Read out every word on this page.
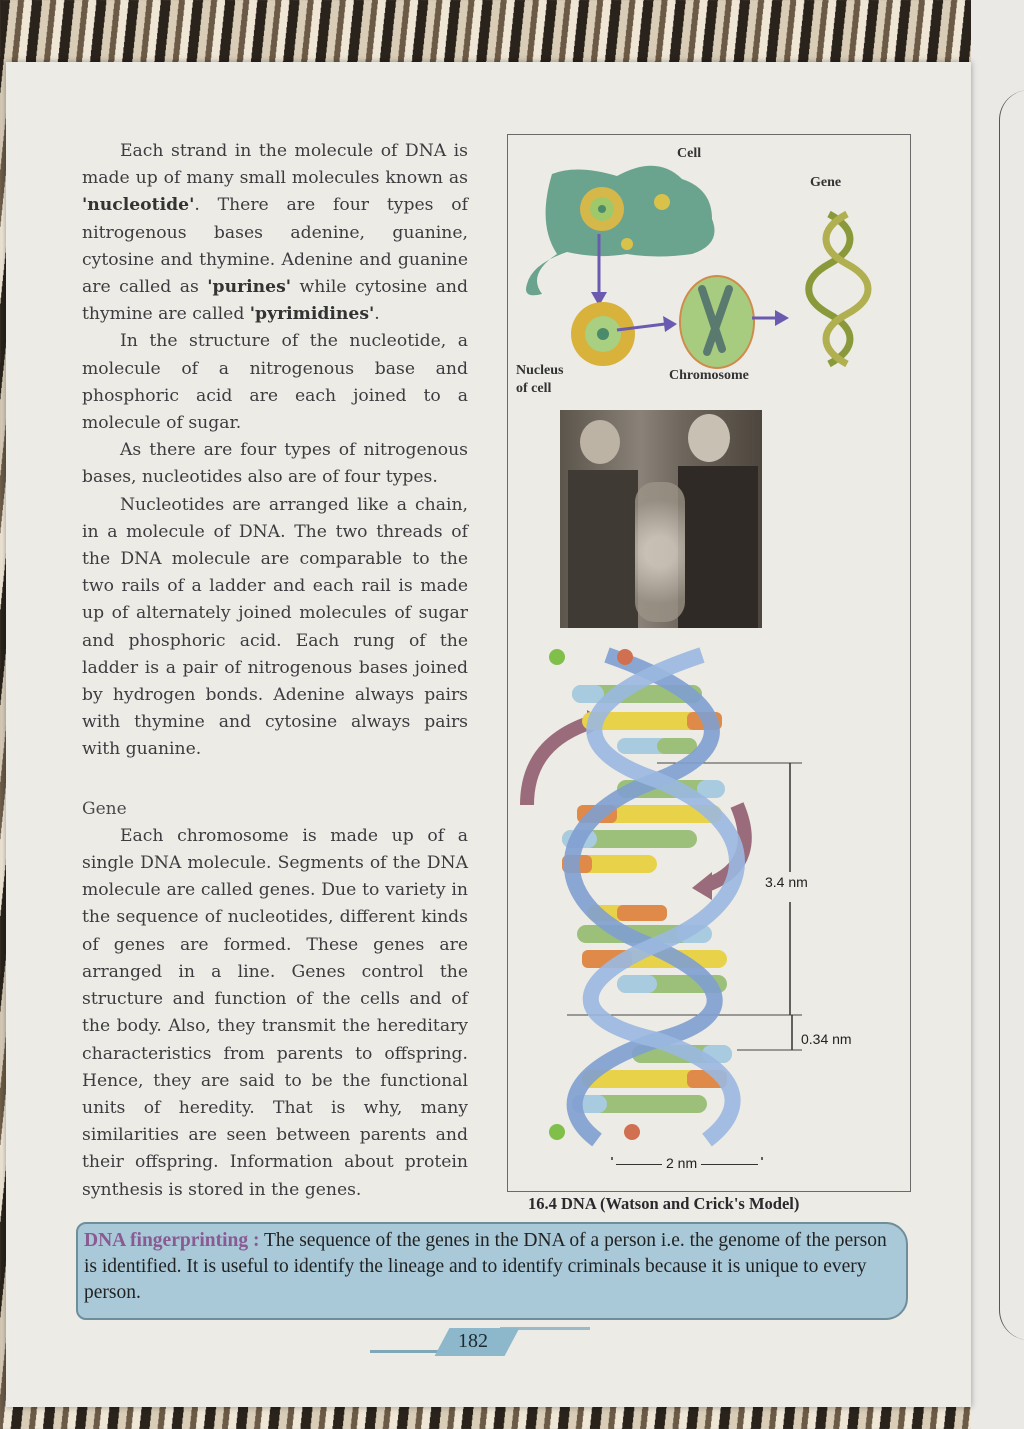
Each strand in the molecule of DNA is made up of many small molecules known as 'nucleotide'. There are four types of nitrogenous bases adenine, guanine, cytosine and thymine. Adenine and guanine are called as 'purines' while cytosine and thymine are called 'pyrimidines'.

In the structure of the nucleotide, a molecule of a nitrogenous base and phosphoric acid are each joined to a molecule of sugar.

As there are four types of nitrogenous bases, nucleotides also are of four types.

Nucleotides are arranged like a chain, in a molecule of DNA. The two threads of the DNA molecule are comparable to the two rails of a ladder and each rail is made up of alternately joined molecules of sugar and phosphoric acid. Each rung of the ladder is a pair of nitrogenous bases joined by hydrogen bonds. Adenine always pairs with thymine and cytosine always pairs with guanine.

Gene

Each chromosome is made up of a single DNA molecule. Segments of the DNA molecule are called genes. Due to variety in the sequence of nucleotides, different kinds of genes are formed. These genes are arranged in a line. Genes control the structure and function of the cells and of the body. Also, they transmit the hereditary characteristics from parents to offspring. Hence, they are said to be the functional units of heredity. That is why, many similarities are seen between parents and their offspring. Information about protein synthesis is stored in the genes.

Cell
Gene
Nucleus
of cell
Chromosome
3.4 nm
0.34 nm
2 nm
16.4 DNA (Watson and Crick's Model)
DNA fingerprinting : The sequence of the genes in the DNA of a person i.e. the genome of the person is identified. It is useful to identify the lineage and to identify criminals because it is unique to every person.
182
